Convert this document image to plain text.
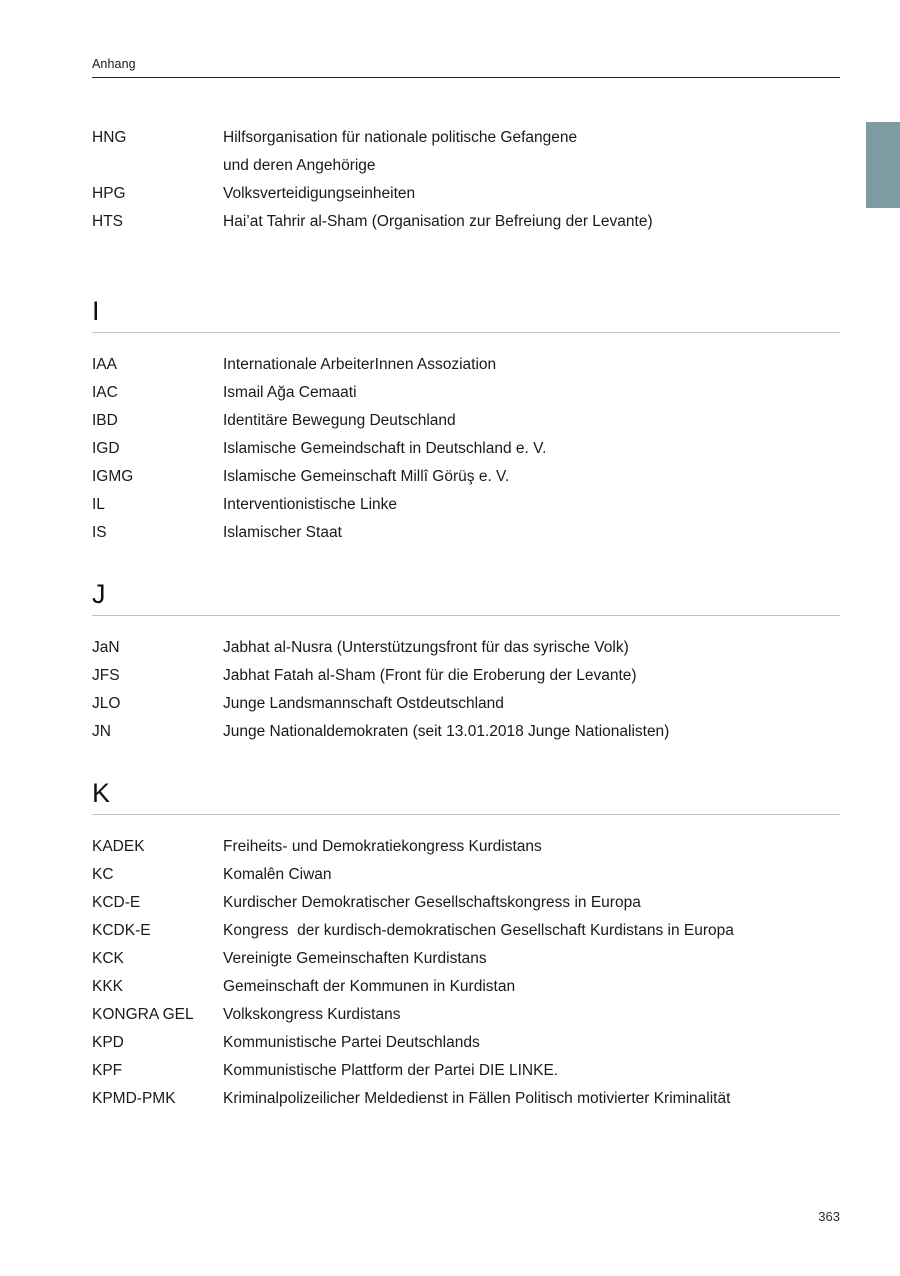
Anhang
HNG	Hilfsorganisation für nationale politische Gefangene
und deren Angehörige
HPG	Volksverteidigungseinheiten
HTS	Hai’at Tahrir al-Sham (Organisation zur Befreiung der Levante)
I
IAA	Internationale ArbeiterInnen Assoziation
IAC	Ismail Ağa Cemaati
IBD	Identitäre Bewegung Deutschland
IGD	Islamische Gemeindschaft in Deutschland e. V.
IGMG	Islamische Gemeinschaft Millî Görüş e. V.
IL	Interventionistische Linke
IS	Islamischer Staat
J
JaN	Jabhat al-Nusra (Unterstützungsfront für das syrische Volk)
JFS	Jabhat Fatah al-Sham (Front für die Eroberung der Levante)
JLO	Junge Landsmannschaft Ostdeutschland
JN	Junge Nationaldemokraten (seit 13.01.2018 Junge Nationalisten)
K
KADEK	Freiheits- und Demokratiekongress Kurdistans
KC	Komalên Ciwan
KCD-E	Kurdischer Demokratischer Gesellschaftskongress in Europa
KCDK-E	Kongress  der kurdisch-demokratischen Gesellschaft Kurdistans in Europa
KCK	Vereinigte Gemeinschaften Kurdistans
KKK	Gemeinschaft der Kommunen in Kurdistan
KONGRA GEL	Volkskongress Kurdistans
KPD	Kommunistische Partei Deutschlands
KPF	Kommunistische Plattform der Partei DIE LINKE.
KPMD-PMK	Kriminalpolizeilicher Meldedienst in Fällen Politisch motivierter Kriminalität
363
